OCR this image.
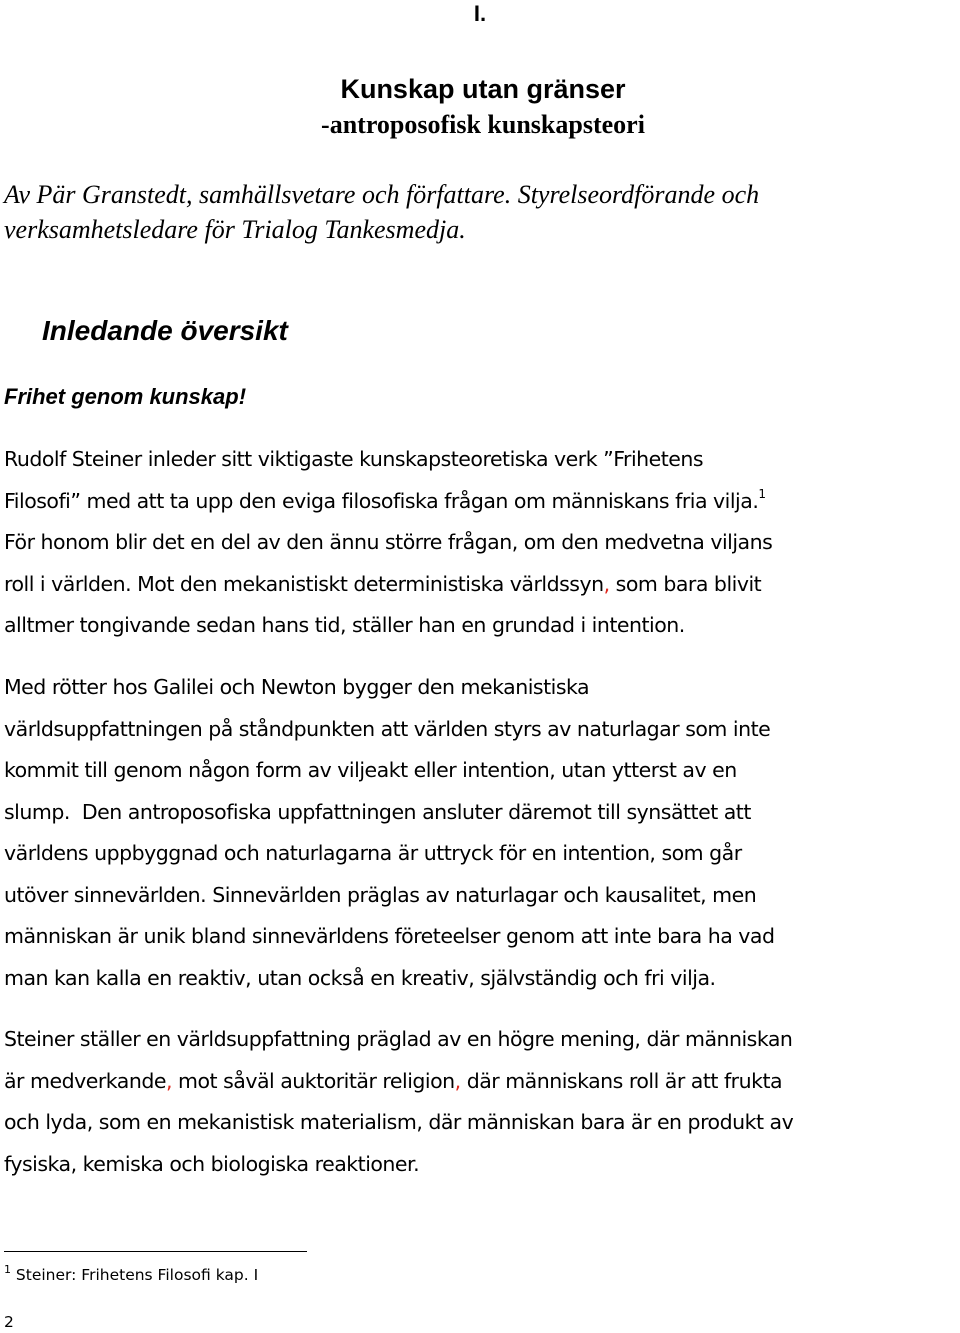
I.

Kunskap utan gränser
-antroposofisk kunskapsteori

Av Pär Granstedt, samhällsvetare och författare. Styrelseordförande och
verksamhetsledare för Trialog Tankesmedja.

Inledande översikt
Frihet genom kunskap!

Rudolf Steiner inleder sitt viktigaste kunskapsteoretiska verk ”Frihetens
Filosofi” med att ta upp den eviga filosofiska frågan om människans fria vilja.$^1$
För honom blir det en del av den ännu större frågan, om den medvetna viljans
roll i världen. Mot den mekanistiskt deterministiska världssyn, som bara blivit
alltmer tongivande sedan hans tid, ställer han en grundad i intention.

Med rötter hos Galilei och Newton bygger den mekanistiska
världsuppfattningen på ståndpunkten att världen styrs av naturlagar som inte
kommit till genom någon form av viljeakt eller intention, utan ytterst av en
slump.  Den antroposofiska uppfattningen ansluter däremot till synsättet att
världens uppbyggnad och naturlagarna är uttryck för en intention, som går
utöver sinnevärlden. Sinnevärlden präglas av naturlagar och kausalitet, men
människan är unik bland sinnevärldens företeelser genom att inte bara ha vad
man kan kalla en reaktiv, utan också en kreativ, självständig och fri vilja.

Steiner ställer en världsuppfattning präglad av en högre mening, där människan
är medverkande, mot såväl auktoritär religion, där människans roll är att frukta
och lyda, som en mekanistisk materialism, där människan bara är en produkt av
fysiska, kemiska och biologiska reaktioner.

$^1$ Steiner: Frihetens Filosofi kap. I

2
